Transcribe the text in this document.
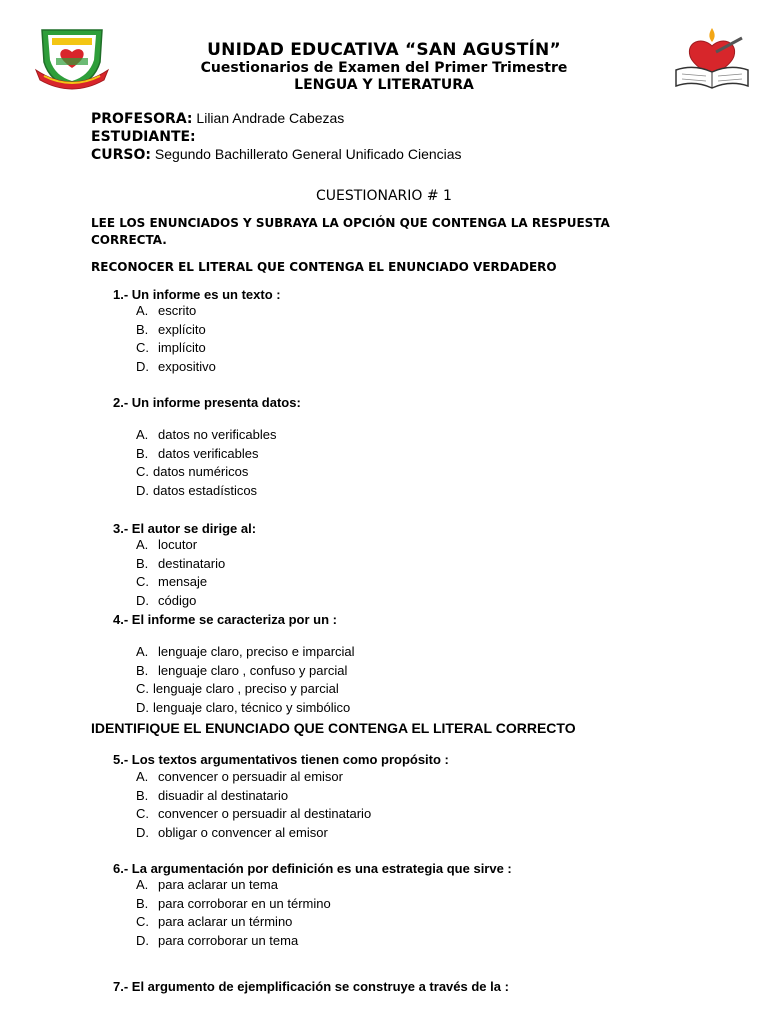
UNIDAD EDUCATIVA “SAN AGUSTÍN”
Cuestionarios de Examen del Primer Trimestre
LENGUA Y LITERATURA
PROFESORA: Lilian Andrade Cabezas
ESTUDIANTE:
CURSO: Segundo Bachillerato General Unificado Ciencias
CUESTIONARIO # 1
LEE LOS ENUNCIADOS Y SUBRAYA LA OPCIÓN QUE CONTENGA LA RESPUESTA CORRECTA.
RECONOCER EL LITERAL QUE CONTENGA EL ENUNCIADO VERDADERO
1.- Un informe es un texto :
A. escrito
B. explícito
C. implícito
D. expositivo
2.- Un informe presenta datos:
A. datos no verificables
B. datos verificables
C. datos numéricos
D. datos estadísticos
3.- El autor se dirige al:
A. locutor
B. destinatario
C. mensaje
D. código
4.- El informe se caracteriza por un :
A. lenguaje claro, preciso e imparcial
B. lenguaje claro , confuso y parcial
C. lenguaje claro , preciso y parcial
D. lenguaje claro, técnico y simbólico
IDENTIFIQUE EL ENUNCIADO QUE CONTENGA EL LITERAL CORRECTO
5.- Los textos argumentativos tienen como propósito :
A. convencer o persuadir al emisor
B. disuadir al destinatario
C. convencer o persuadir al destinatario
D. obligar o convencer al emisor
6.- La argumentación por definición es una estrategia que sirve :
A. para aclarar un tema
B. para corroborar en un término
C. para aclarar un término
D. para corroborar un tema
7.- El argumento de ejemplificación se construye a través de la :
